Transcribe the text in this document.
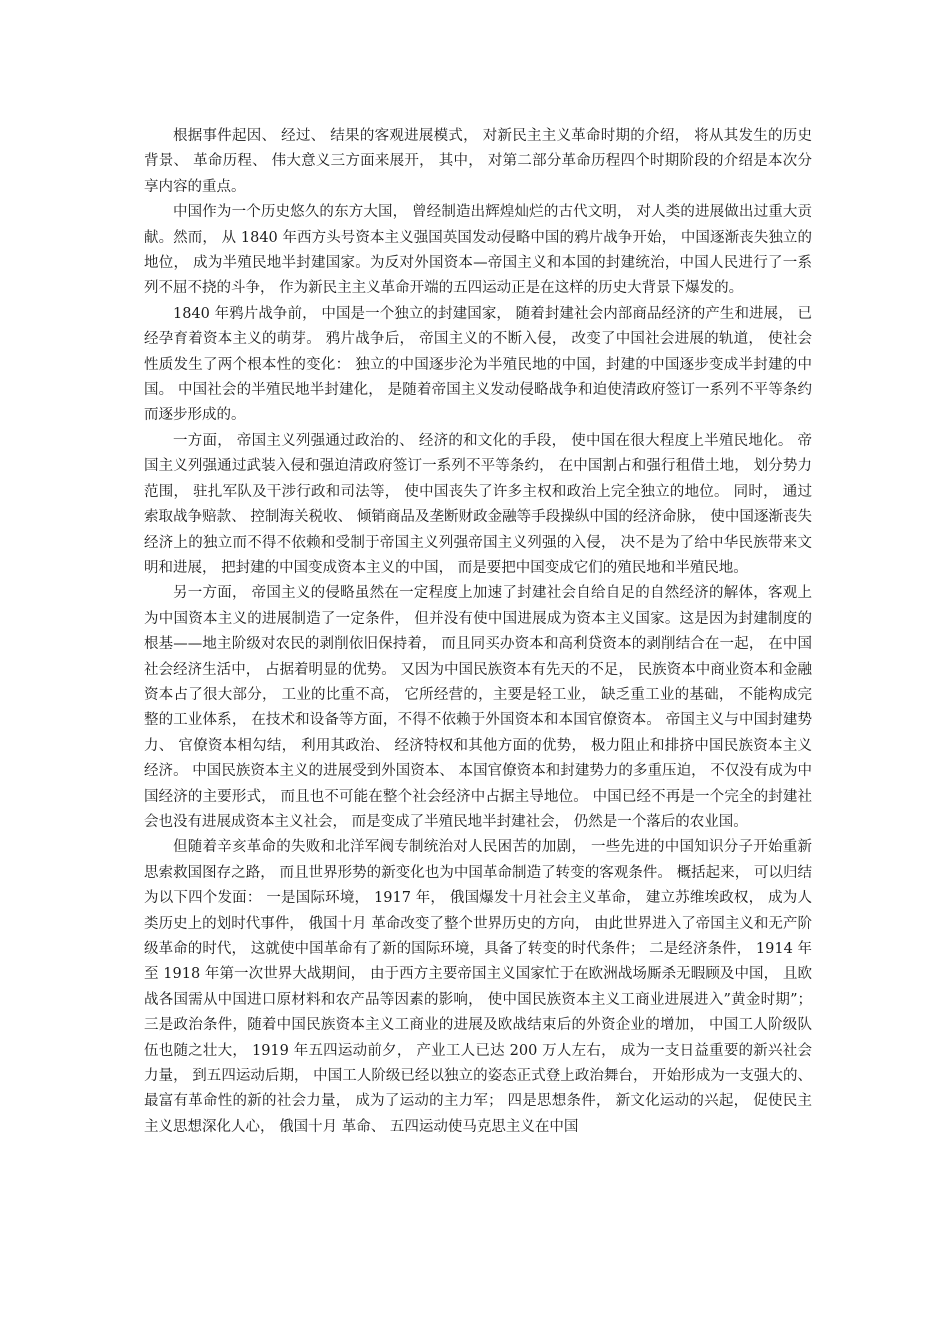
根据事件起因、 经过、 结果的客观进展模式， 对新民主主义革命时期的介绍， 将从其发生的历史背景、 革命历程、 伟大意义三方面来展开， 其中， 对第二部分革命历程四个时期阶段的介绍是本次分享内容的重点。

中国作为一个历史悠久的东方大国， 曾经制造出辉煌灿烂的古代文明， 对人类的进展做出过重大贡献。然而， 从 1840 年西方头号资本主义强国英国发动侵略中国的鸦片战争开始， 中国逐渐丧失独立的地位， 成为半殖民地半封建国家。为反对外国资本—帝国主义和本国的封建统治，中国人民进行了一系列不屈不挠的斗争， 作为新民主主义革命开端的五四运动正是在这样的历史大背景下爆发的。

1840 年鸦片战争前， 中国是一个独立的封建国家， 随着封建社会内部商品经济的产生和进展， 已经孕育着资本主义的萌芽。 鸦片战争后， 帝国主义的不断入侵， 改变了中国社会进展的轨道， 使社会性质发生了两个根本性的变化： 独立的中国逐步沦为半殖民地的中国，封建的中国逐步变成半封建的中国。 中国社会的半殖民地半封建化， 是随着帝国主义发动侵略战争和迫使清政府签订一系列不平等条约而逐步形成的。

一方面， 帝国主义列强通过政治的、 经济的和文化的手段， 使中国在很大程度上半殖民地化。 帝国主义列强通过武装入侵和强迫清政府签订一系列不平等条约， 在中国割占和强行租借土地， 划分势力范围， 驻扎军队及干涉行政和司法等， 使中国丧失了许多主权和政治上完全独立的地位。 同时， 通过索取战争赔款、 控制海关税收、 倾销商品及垄断财政金融等手段操纵中国的经济命脉， 使中国逐渐丧失经济上的独立而不得不依赖和受制于帝国主义列强帝国主义列强的入侵， 决不是为了给中华民族带来文明和进展， 把封建的中国变成资本主义的中国， 而是要把中国变成它们的殖民地和半殖民地。

另一方面， 帝国主义的侵略虽然在一定程度上加速了封建社会自给自足的自然经济的解体，客观上为中国资本主义的进展制造了一定条件， 但并没有使中国进展成为资本主义国家。这是因为封建制度的根基——地主阶级对农民的剥削依旧保持着， 而且同买办资本和高利贷资本的剥削结合在一起， 在中国社会经济生活中， 占据着明显的优势。 又因为中国民族资本有先天的不足， 民族资本中商业资本和金融资本占了很大部分， 工业的比重不高， 它所经营的，主要是轻工业， 缺乏重工业的基础， 不能构成完整的工业体系， 在技术和设备等方面，不得不依赖于外国资本和本国官僚资本。 帝国主义与中国封建势力、 官僚资本相勾结， 利用其政治、 经济特权和其他方面的优势， 极力阻止和排挤中国民族资本主义经济。 中国民族资本主义的进展受到外国资本、 本国官僚资本和封建势力的多重压迫， 不仅没有成为中国经济的主要形式， 而且也不可能在整个社会经济中占据主导地位。 中国已经不再是一个完全的封建社会也没有进展成资本主义社会， 而是变成了半殖民地半封建社会， 仍然是一个落后的农业国。

但随着辛亥革命的失败和北洋军阀专制统治对人民困苦的加剧， 一些先进的中国知识分子开始重新思索救国图存之路， 而且世界形势的新变化也为中国革命制造了转变的客观条件。 概括起来， 可以归结为以下四个发面： 一是国际环境， 1917 年， 俄国爆发十月社会主义革命， 建立苏维埃政权， 成为人类历史上的划时代事件， 俄国十月 革命改变了整个世界历史的方向， 由此世界进入了帝国主义和无产阶级革命的时代， 这就使中国革命有了新的国际环境，具备了转变的时代条件； 二是经济条件， 1914 年至 1918 年第一次世界大战期间， 由于西方主要帝国主义国家忙于在欧洲战场厮杀无暇顾及中国， 且欧战各国需从中国进口原材料和农产品等因素的影响， 使中国民族资本主义工商业进展进入”黄金时期”； 三是政治条件，随着中国民族资本主义工商业的进展及欧战结束后的外资企业的增加， 中国工人阶级队伍也随之壮大， 1919 年五四运动前夕， 产业工人已达 200 万人左右， 成为一支日益重要的新兴社会力量， 到五四运动后期， 中国工人阶级已经以独立的姿态正式登上政治舞台， 开始形成为一支强大的、 最富有革命性的新的社会力量， 成为了运动的主力军； 四是思想条件， 新文化运动的兴起， 促使民主主义思想深化人心， 俄国十月 革命、 五四运动使马克思主义在中国
